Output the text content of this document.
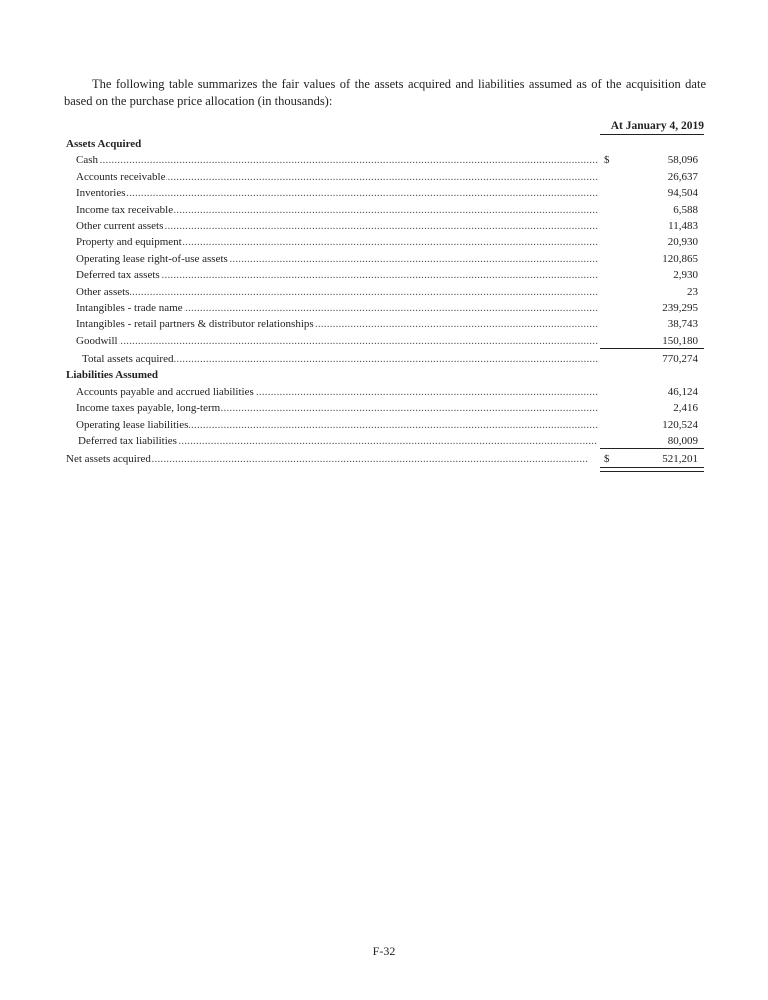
The following table summarizes the fair values of the assets acquired and liabilities assumed as of the acquisition date based on the purchase price allocation (in thousands):

At January 4, 2019
Assets Acquired
Cash .....	$	58,096
Accounts receivable .....	26,637
Inventories .....	94,504
Income tax receivable .....	6,588
Other current assets .....	11,483
Property and equipment .....	20,930
Operating lease right-of-use assets .....	120,865
Deferred tax assets .....	2,930
Other assets .....	23
Intangibles - trade name .....	239,295
Intangibles - retail partners & distributor relationships .....	38,743
Goodwill .....	150,180
Total assets acquired .....	770,274
Liabilities Assumed
Accounts payable and accrued liabilities .....	46,124
Income taxes payable, long-term .....	2,416
Operating lease liabilities .....	120,524
Deferred tax liabilities .....	80,009
Net assets acquired .....	$	521,201
F-32
